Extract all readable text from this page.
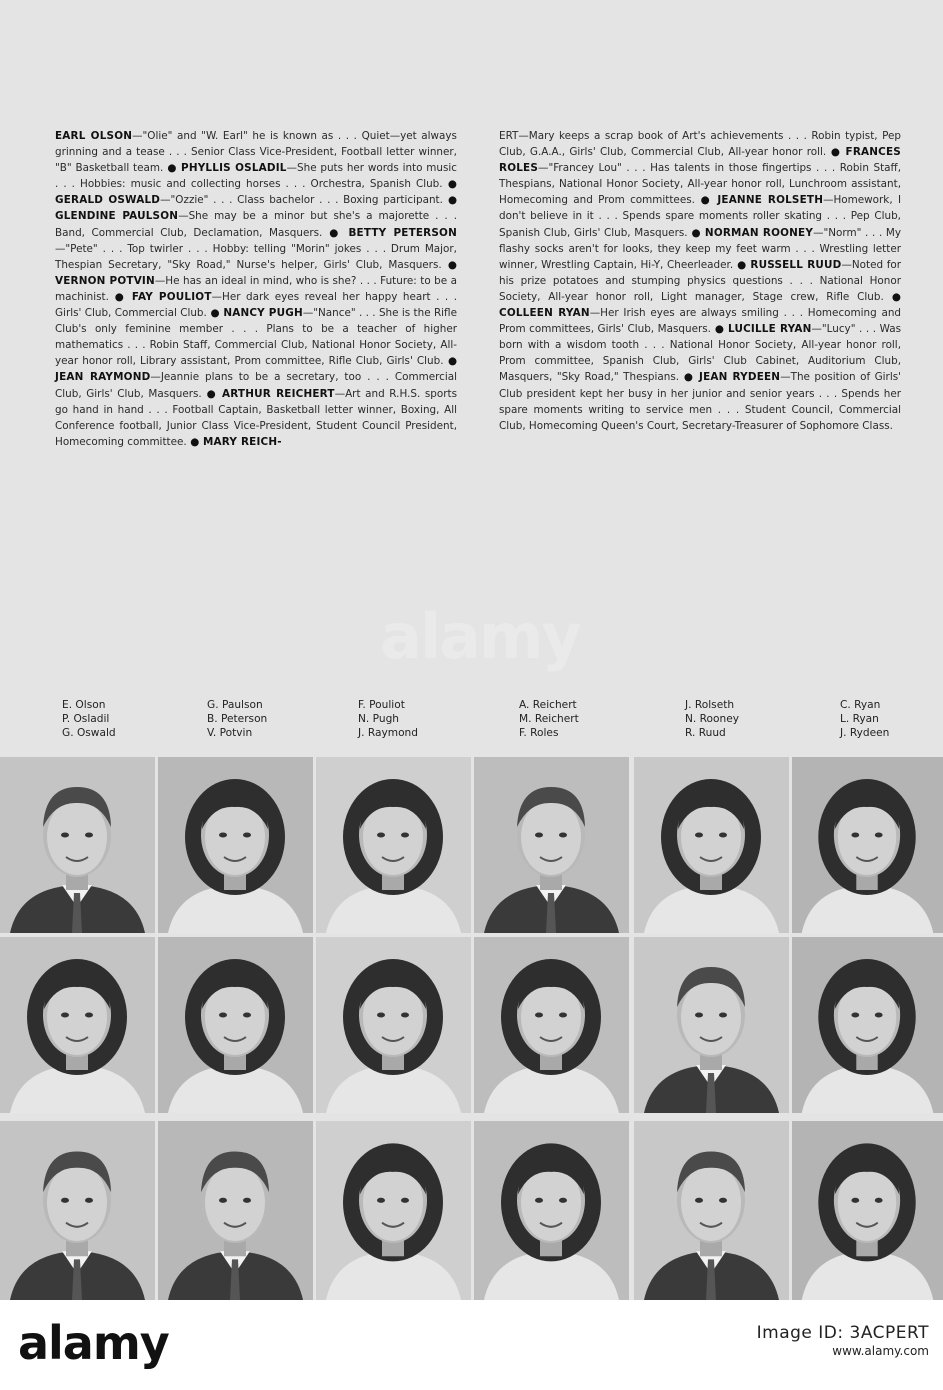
EARL OLSON—"Olie" and "W. Earl" he is known as . . . Quiet—yet always grinning and a tease . . . Senior Class Vice-President, Football letter winner, "B" Basketball team. ● PHYLLIS OSLADIL—She puts her words into music . . . Hobbies: music and collecting horses . . . Orchestra, Spanish Club. ● GERALD OSWALD—"Ozzie" . . . Class bachelor . . . Boxing participant. ● GLENDINE PAULSON—She may be a minor but she's a majorette . . . Band, Commercial Club, Declamation, Masquers. ● BETTY PETERSON—"Pete" . . . Top twirler . . . Hobby: telling "Morin" jokes . . . Drum Major, Thespian Secretary, "Sky Road," Nurse's helper, Girls' Club, Masquers. ● VERNON POTVIN—He has an ideal in mind, who is she? . . . Future: to be a machinist. ● FAY POULIOT—Her dark eyes reveal her happy heart . . . Girls' Club, Commercial Club. ● NANCY PUGH—"Nance" . . . She is the Rifle Club's only feminine member . . . Plans to be a teacher of higher mathematics . . . Robin Staff, Commercial Club, National Honor Society, All-year honor roll, Library assistant, Prom committee, Rifle Club, Girls' Club. ● JEAN RAYMOND—Jeannie plans to be a secretary, too . . . Commercial Club, Girls' Club, Masquers. ● ARTHUR REICHERT—Art and R.H.S. sports go hand in hand . . . Football Captain, Basketball letter winner, Boxing, All Conference football, Junior Class Vice-President, Student Council President, Homecoming committee. ● MARY REICH-

ERT—Mary keeps a scrap book of Art's achievements . . . Robin typist, Pep Club, G.A.A., Girls' Club, Commercial Club, All-year honor roll. ● FRANCES ROLES—"Francey Lou" . . . Has talents in those fingertips . . . Robin Staff, Thespians, National Honor Society, All-year honor roll, Lunchroom assistant, Homecoming and Prom committees. ● JEANNE ROLSETH—Homework, I don't believe in it . . . Spends spare moments roller skating . . . Pep Club, Spanish Club, Girls' Club, Masquers. ● NORMAN ROONEY—"Norm" . . . My flashy socks aren't for looks, they keep my feet warm . . . Wrestling letter winner, Wrestling Captain, Hi-Y, Cheerleader. ● RUSSELL RUUD—Noted for his prize potatoes and stumping physics questions . . . National Honor Society, All-year honor roll, Light manager, Stage crew, Rifle Club. ● COLLEEN RYAN—Her Irish eyes are always smiling . . . Homecoming and Prom committees, Girls' Club, Masquers. ● LUCILLE RYAN—"Lucy" . . . Was born with a wisdom tooth . . . National Honor Society, All-year honor roll, Prom committee, Spanish Club, Girls' Club Cabinet, Auditorium Club, Masquers, "Sky Road," Thespians. ● JEAN RYDEEN—The position of Girls' Club president kept her busy in her junior and senior years . . . Spends her spare moments writing to service men . . . Student Council, Commercial Club, Homecoming Queen's Court, Secretary-Treasurer of Sophomore Class.

alamy
E. Olson
P. Osladil
G. Oswald
G. Paulson
B. Peterson
V. Potvin
F. Pouliot
N. Pugh
J. Raymond
A. Reichert
M. Reichert
F. Roles
J. Rolseth
N. Rooney
R. Ruud
C. Ryan
L. Ryan
J. Rydeen
alamy	Image ID: 3ACPERT
www.alamy.com
